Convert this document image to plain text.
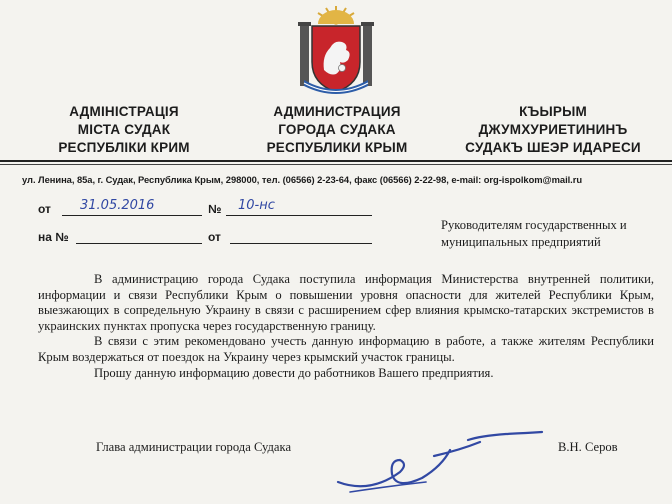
АДМІНІСТРАЦІЯ
МІСТА СУДАК
РЕСПУБЛІКИ КРИМ
АДМИНИСТРАЦИЯ
ГОРОДА СУДАКА
РЕСПУБЛИКИ КРЫМ
КЪЫРЫМ
ДЖУМХУРИЕТИНИНЪ
СУДАКЪ ШЕЭР ИДАРЕСИ
ул. Ленина, 85а, г. Судак, Республика Крым, 298000, тел. (06566) 2-23-64, факс (06566) 2-22-98, e-mail: org-ispolkom@mail.ru
от 31.05.2016	№ 10-нс
на №	от
Руководителям государственных и муниципальных предприятий

В администрацию города Судака поступила информация Министерства внутренней политики, информации и связи Республики Крым о повышении уровня опасности для жителей Республики Крым, выезжающих в сопредельную Украину в связи с расширением сфер влияния крымско-татарских экстремистов в украинских пунктах пропуска через государственную границу.

В связи с этим рекомендовано учесть данную информацию в работе, а также жителям Республики Крым воздержаться от поездок на Украину через крымский участок границы.

Прошу данную информацию довести до работников Вашего предприятия.

Глава администрации города Судака	В.Н. Серов
